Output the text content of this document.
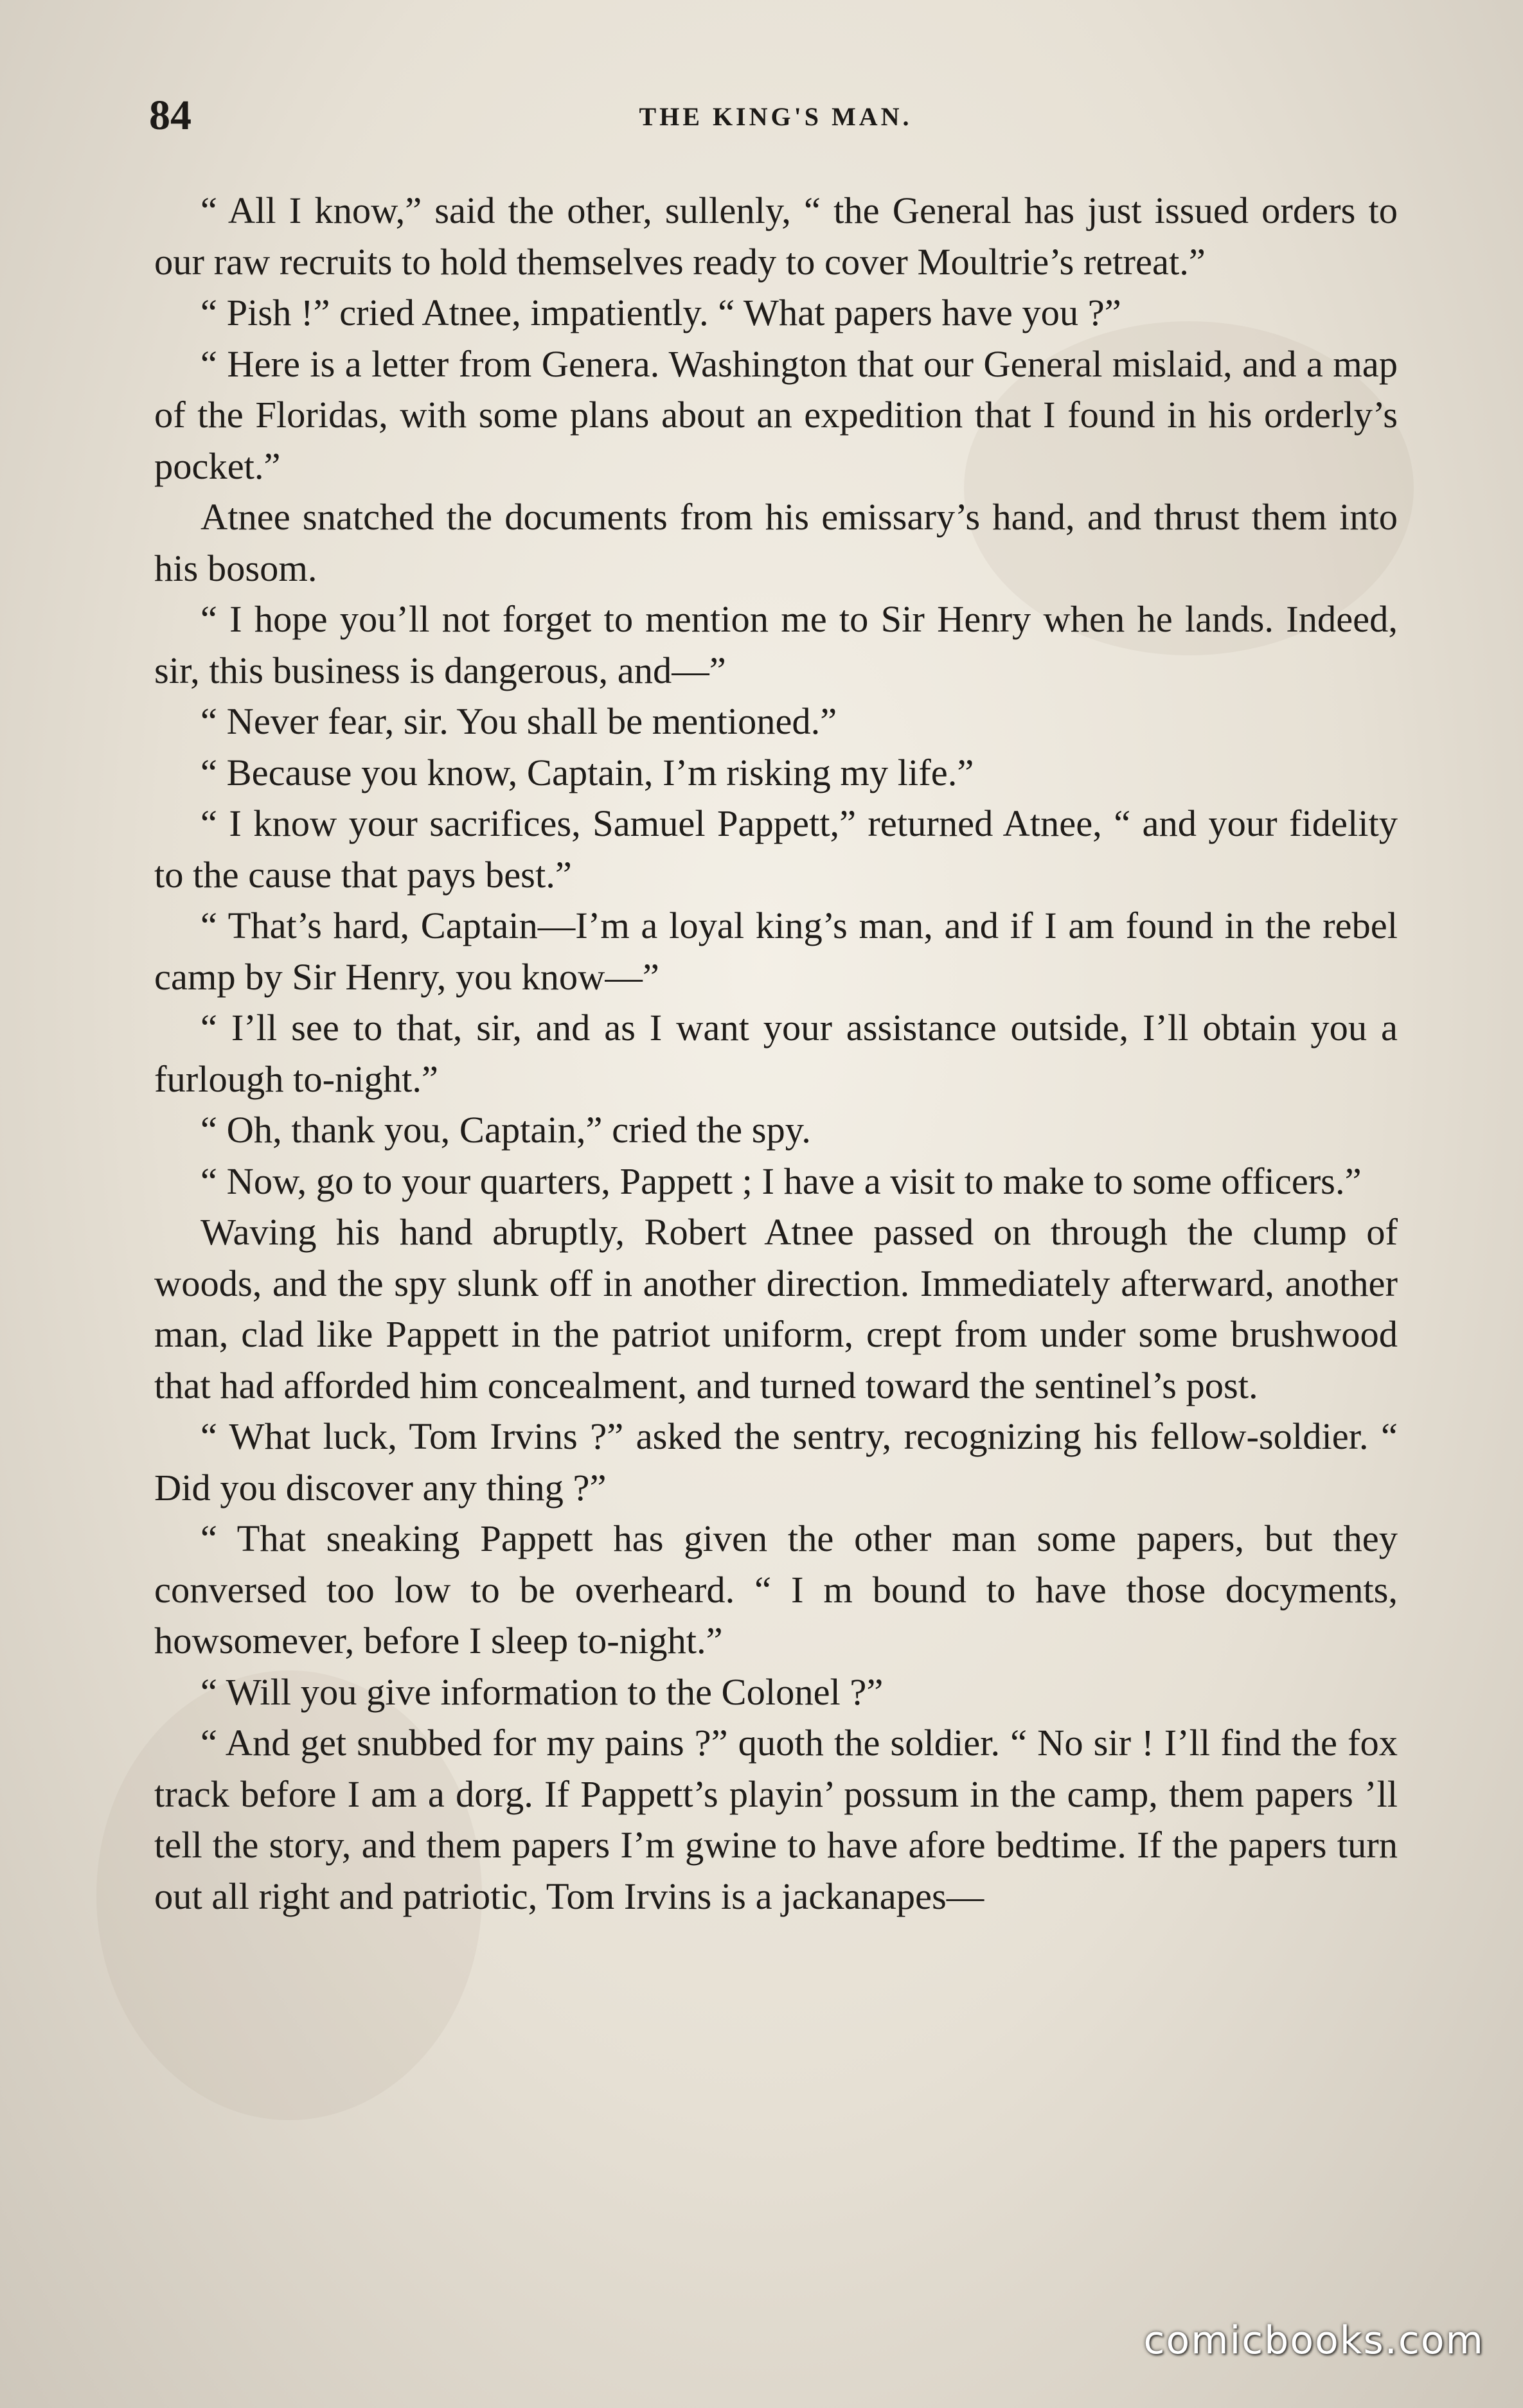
84	THE KING'S MAN.

“ All I know,” said the other, sullenly, “ the General has just issued orders to our raw recruits to hold themselves ready to cover Moultrie’s retreat.”

“ Pish !” cried Atnee, impatiently. “ What papers have you ?”

“ Here is a letter from Genera. Washington that our General mislaid, and a map of the Floridas, with some plans about an expedition that I found in his orderly’s pocket.”

Atnee snatched the documents from his emissary’s hand, and thrust them into his bosom.

“ I hope you’ll not forget to mention me to Sir Henry when he lands. Indeed, sir, this business is dangerous, and—”

“ Never fear, sir. You shall be mentioned.”

“ Because you know, Captain, I’m risking my life.”

“ I know your sacrifices, Samuel Pappett,” returned Atnee, “ and your fidelity to the cause that pays best.”

“ That’s hard, Captain—I’m a loyal king’s man, and if I am found in the rebel camp by Sir Henry, you know—”

“ I’ll see to that, sir, and as I want your assistance outside, I’ll obtain you a furlough to-night.”

“ Oh, thank you, Captain,” cried the spy.

“ Now, go to your quarters, Pappett ; I have a visit to make to some officers.”

Waving his hand abruptly, Robert Atnee passed on through the clump of woods, and the spy slunk off in another direction. Immediately afterward, another man, clad like Pappett in the patriot uniform, crept from under some brushwood that had afforded him concealment, and turned toward the sentinel’s post.

“ What luck, Tom Irvins ?” asked the sentry, recognizing his fellow-soldier. “ Did you discover any thing ?”

“ That sneaking Pappett has given the other man some papers, but they conversed too low to be overheard. “ I m bound to have those docyments, howsomever, before I sleep to-night.”

“ Will you give information to the Colonel ?”

“ And get snubbed for my pains ?” quoth the soldier. “ No sir ! I’ll find the fox track before I am a dorg. If Pappett’s playin’ possum in the camp, them papers ’ll tell the story, and them papers I’m gwine to have afore bedtime. If the papers turn out all right and patriotic, Tom Irvins is a jackanapes—

comicbooks.com
